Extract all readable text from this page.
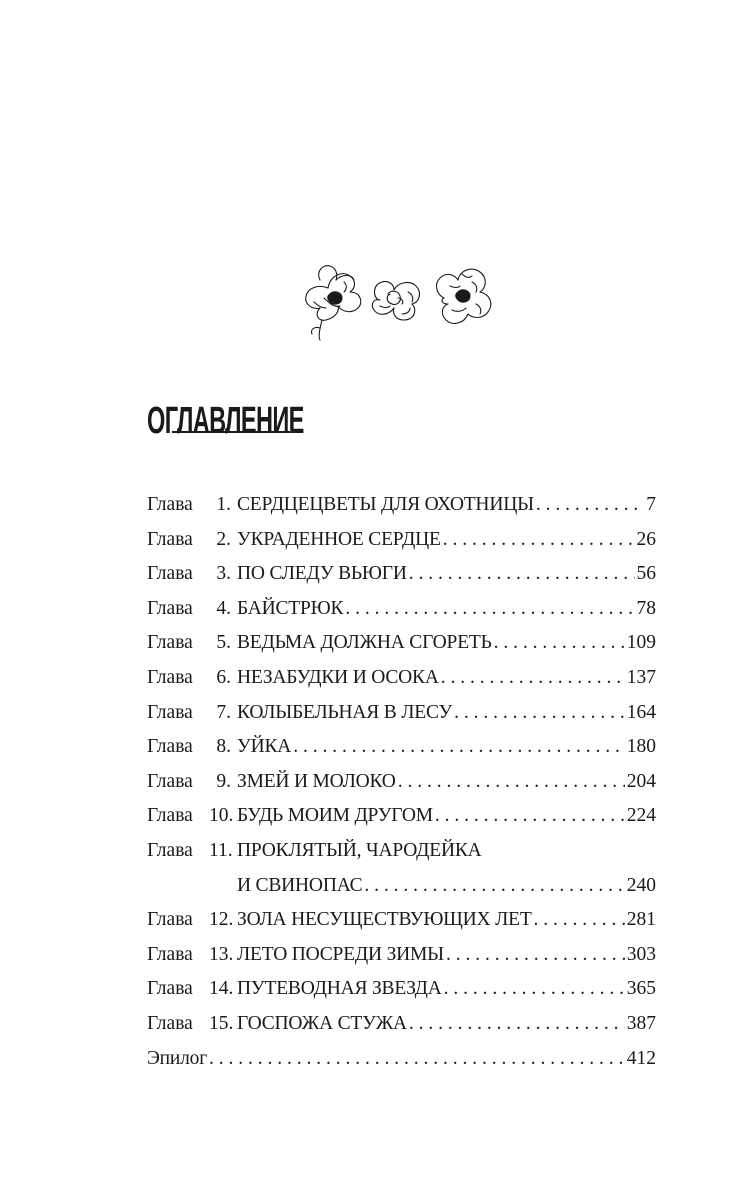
ОГЛАВЛЕНИЕ
Глава	1. СЕРДЦЕЦВЕТЫ ДЛЯ ОХОТНИЦЫ . . .	7
Глава	2. УКРАДЕННОЕ СЕРДЦЕ . . .	26
Глава	3. ПО СЛЕДУ ВЬЮГИ . . .	56
Глава	4. БАЙСТРЮК . . .	78
Глава	5. ВЕДЬМА ДОЛЖНА СГОРЕТЬ . . .	109
Глава	6. НЕЗАБУДКИ И ОСОКА . . .	137
Глава	7. КОЛЫБЕЛЬНАЯ В ЛЕСУ . . .	164
Глава	8. УЙКА . . .	180
Глава	9. ЗМЕЙ И МОЛОКО . . .	204
Глава 10. БУДЬ МОИМ ДРУГОМ . . .	224
Глава 11. ПРОКЛЯТЫЙ, ЧАРОДЕЙКА
И СВИНОПАС . . .	240
Глава 12. ЗОЛА НЕСУЩЕСТВУЮЩИХ ЛЕТ . . .	281
Глава 13. ЛЕТО ПОСРЕДИ ЗИМЫ . . .	303
Глава 14. ПУТЕВОДНАЯ ЗВЕЗДА . . .	365
Глава 15. ГОСПОЖА СТУЖА . . .	387
Эпилог . . .	412
